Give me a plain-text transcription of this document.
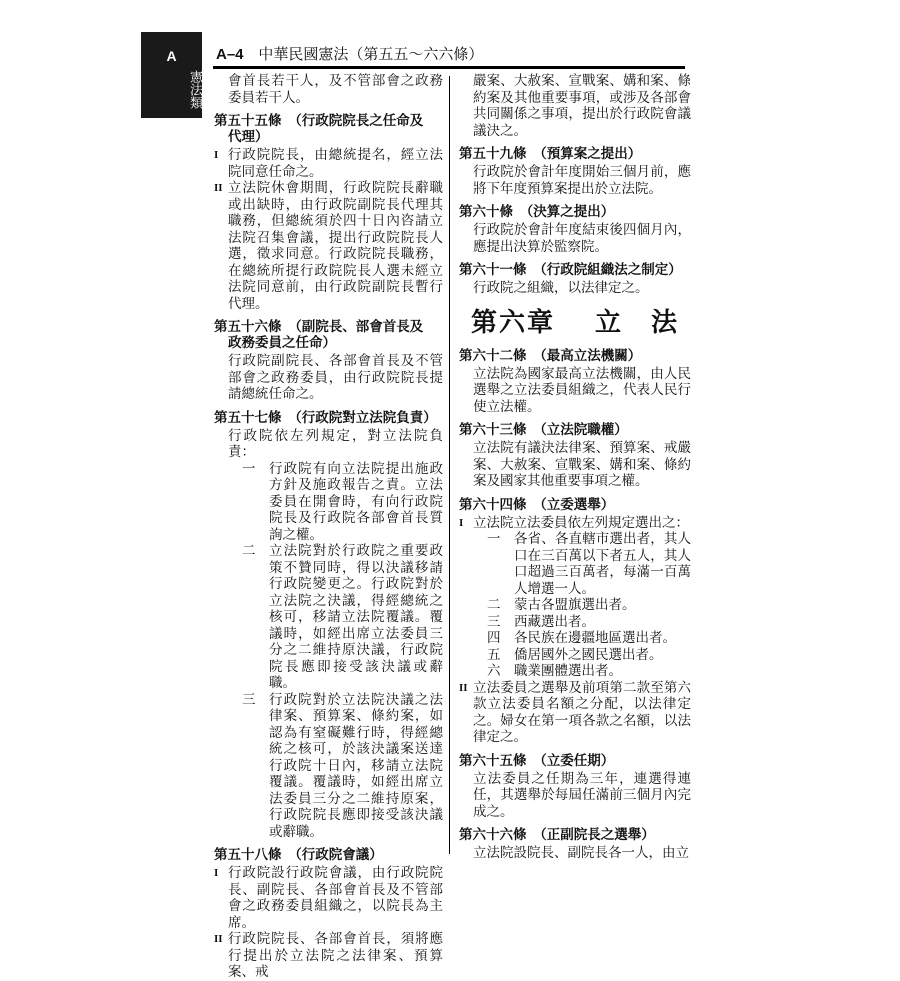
A
憲法類
A–4 中華民國憲法（第五五～六六條）

會首長若干人，及不管部會之政務委員若干人。

第五十五條　（行政院院長之任命及
代理）

I 行政院院長，由總統提名，經立法院同意任命之。

II 立法院休會期間，行政院院長辭職或出缺時，由行政院副院長代理其職務，但總統須於四十日內咨請立法院召集會議，提出行政院院長人選，徵求同意。行政院院長職務，在總統所提行政院院長人選未經立法院同意前，由行政院副院長暫行代理。

第五十六條　（副院長、部會首長及
政務委員之任命）

行政院副院長、各部會首長及不管部會之政務委員，由行政院院長提請總統任命之。

第五十七條　（行政院對立法院負責）

行政院依左列規定，對立法院負責：

一 行政院有向立法院提出施政方針及施政報告之責。立法委員在開會時，有向行政院院長及行政院各部會首長質詢之權。

二 立法院對於行政院之重要政策不贊同時，得以決議移請行政院變更之。行政院對於立法院之決議，得經總統之核可，移請立法院覆議。覆議時，如經出席立法委員三分之二維持原決議，行政院院長應即接受該決議或辭職。

三 行政院對於立法院決議之法律案、預算案、條約案，如認為有窒礙難行時，得經總統之核可，於該決議案送達行政院十日內，移請立法院覆議。覆議時，如經出席立法委員三分之二維持原案，行政院院長應即接受該決議或辭職。

第五十八條　（行政院會議）

I 行政院設行政院會議，由行政院院長、副院長、各部會首長及不管部會之政務委員組織之，以院長為主席。

II 行政院院長、各部會首長，須將應行提出於立法院之法律案、預算案、戒

嚴案、大赦案、宣戰案、媾和案、條約案及其他重要事項，或涉及各部會共同關係之事項，提出於行政院會議議決之。

第五十九條　（預算案之提出）

行政院於會計年度開始三個月前，應將下年度預算案提出於立法院。

第六十條　（決算之提出）

行政院於會計年度結束後四個月內，應提出決算於監察院。

第六十一條　（行政院組織法之制定）

行政院之組織，以法律定之。

第六章 立　法
第六十二條　（最高立法機關）

立法院為國家最高立法機關，由人民選舉之立法委員組織之，代表人民行使立法權。

第六十三條　（立法院職權）

立法院有議決法律案、預算案、戒嚴案、大赦案、宣戰案、媾和案、條約案及國家其他重要事項之權。

第六十四條　（立委選舉）

I 立法院立法委員依左列規定選出之：

一 各省、各直轄市選出者，其人口在三百萬以下者五人，其人口超過三百萬者，每滿一百萬人增選一人。

二 蒙古各盟旗選出者。

三 西藏選出者。

四 各民族在邊疆地區選出者。

五 僑居國外之國民選出者。

六 職業團體選出者。

II 立法委員之選舉及前項第二款至第六款立法委員名額之分配，以法律定之。婦女在第一項各款之名額，以法律定之。

第六十五條　（立委任期）

立法委員之任期為三年，連選得連任，其選舉於每屆任滿前三個月內完成之。

第六十六條　（正副院長之選舉）

立法院設院長、副院長各一人，由立
